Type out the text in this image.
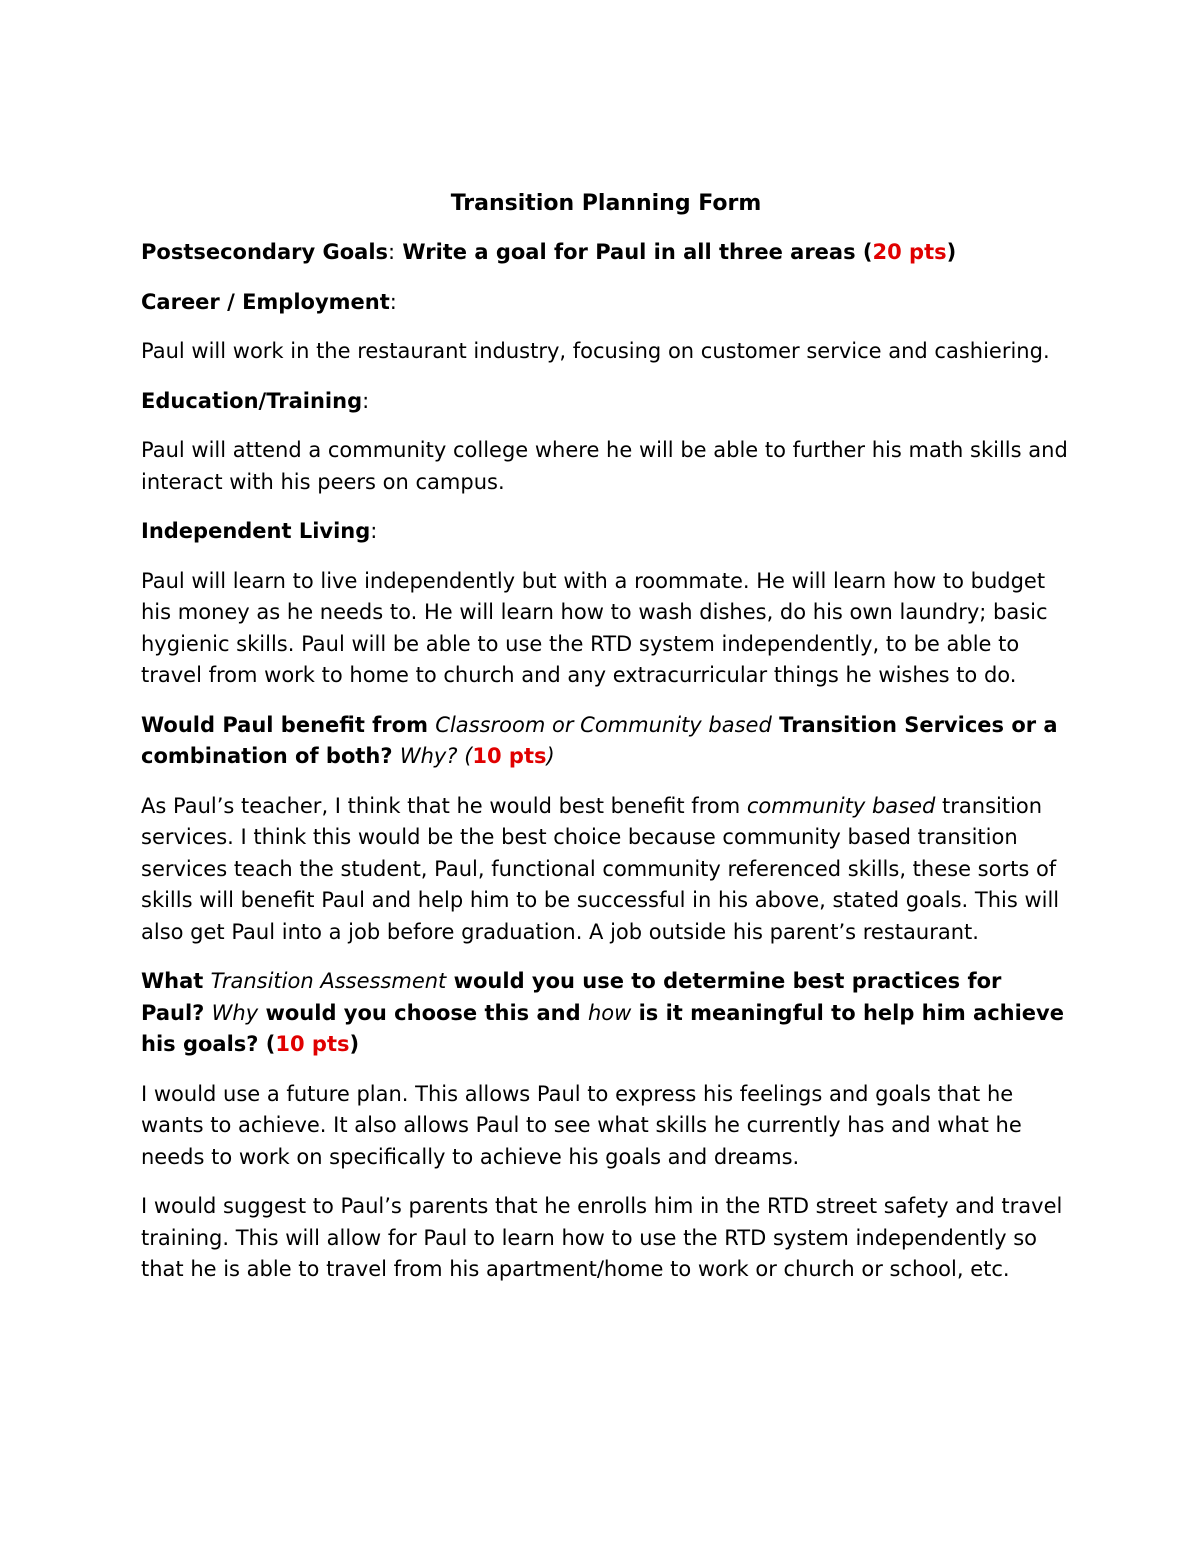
Transition Planning Form
Postsecondary Goals: Write a goal for Paul in all three areas (20 pts)
Career / Employment:
Paul will work in the restaurant industry, focusing on customer service and cashiering.
Education/Training:
Paul will attend a community college where he will be able to further his math skills and interact with his peers on campus.
Independent Living:
Paul will learn to live independently but with a roommate. He will learn how to budget his money as he needs to. He will learn how to wash dishes, do his own laundry; basic hygienic skills. Paul will be able to use the RTD system independently, to be able to travel from work to home to church and any extracurricular things he wishes to do.
Would Paul benefit from Classroom or Community based Transition Services or a combination of both? Why? (10 pts)
As Paul’s teacher, I think that he would best benefit from community based transition services. I think this would be the best choice because community based transition services teach the student, Paul, functional community referenced skills, these sorts of skills will benefit Paul and help him to be successful in his above, stated goals. This will also get Paul into a job before graduation. A job outside his parent’s restaurant.
What Transition Assessment would you use to determine best practices for Paul? Why would you choose this and how is it meaningful to help him achieve his goals? (10 pts)
I would use a future plan. This allows Paul to express his feelings and goals that he wants to achieve. It also allows Paul to see what skills he currently has and what he needs to work on specifically to achieve his goals and dreams.
I would suggest to Paul’s parents that he enrolls him in the RTD street safety and travel training. This will allow for Paul to learn how to use the RTD system independently so that he is able to travel from his apartment/home to work or church or school, etc.
